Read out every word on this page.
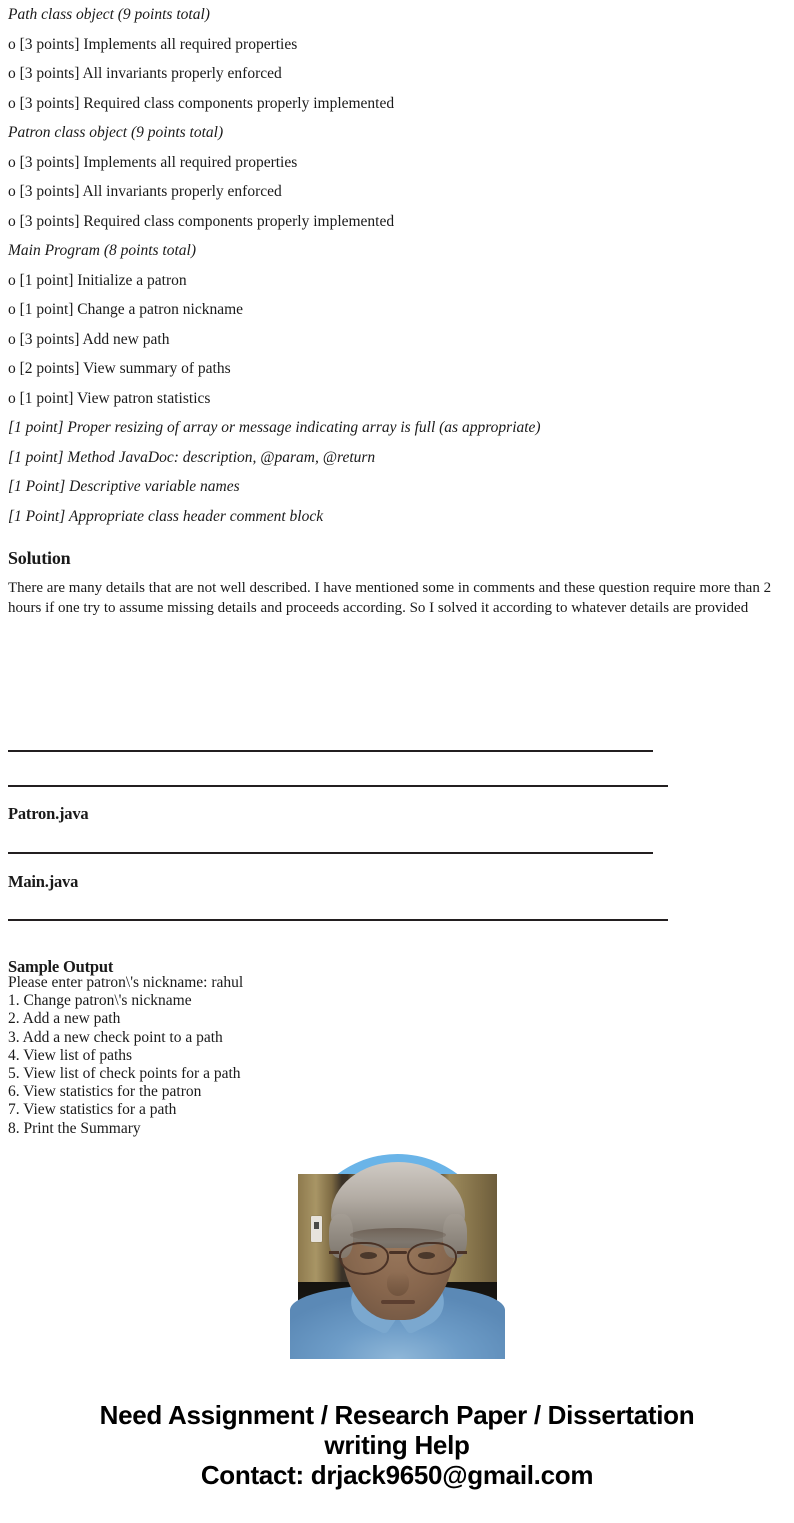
Path class object (9 points total)

o [3 points] Implements all required properties

o [3 points] All invariants properly enforced

o [3 points] Required class components properly implemented

Patron class object (9 points total)

o [3 points] Implements all required properties

o [3 points] All invariants properly enforced

o [3 points] Required class components properly implemented

Main Program (8 points total)

o [1 point] Initialize a patron

o [1 point] Change a patron nickname

o [3 points] Add new path

o [2 points] View summary of paths

o [1 point] View patron statistics

[1 point] Proper resizing of array or message indicating array is full (as appropriate)

[1 point] Method JavaDoc: description, @param, @return

[1 Point] Descriptive variable names

[1 Point] Appropriate class header comment block

Solution

There are many details that are not well described. I have mentioned some in comments and these question require more than 2 hours if one try to assume missing details and proceeds according. So I solved it according to whatever details are provided

Patron.java
Main.java
Sample Output
Please enter patron\'s nickname: rahul
1. Change patron\'s nickname
2. Add a new path
3. Add a new check point to a path
4. View list of paths
5. View list of check points for a path
6. View statistics for the patron
7. View statistics for a path
8. Print the Summary

Need Assignment / Research Paper / Dissertation

writing Help

Contact: drjack9650@gmail.com
